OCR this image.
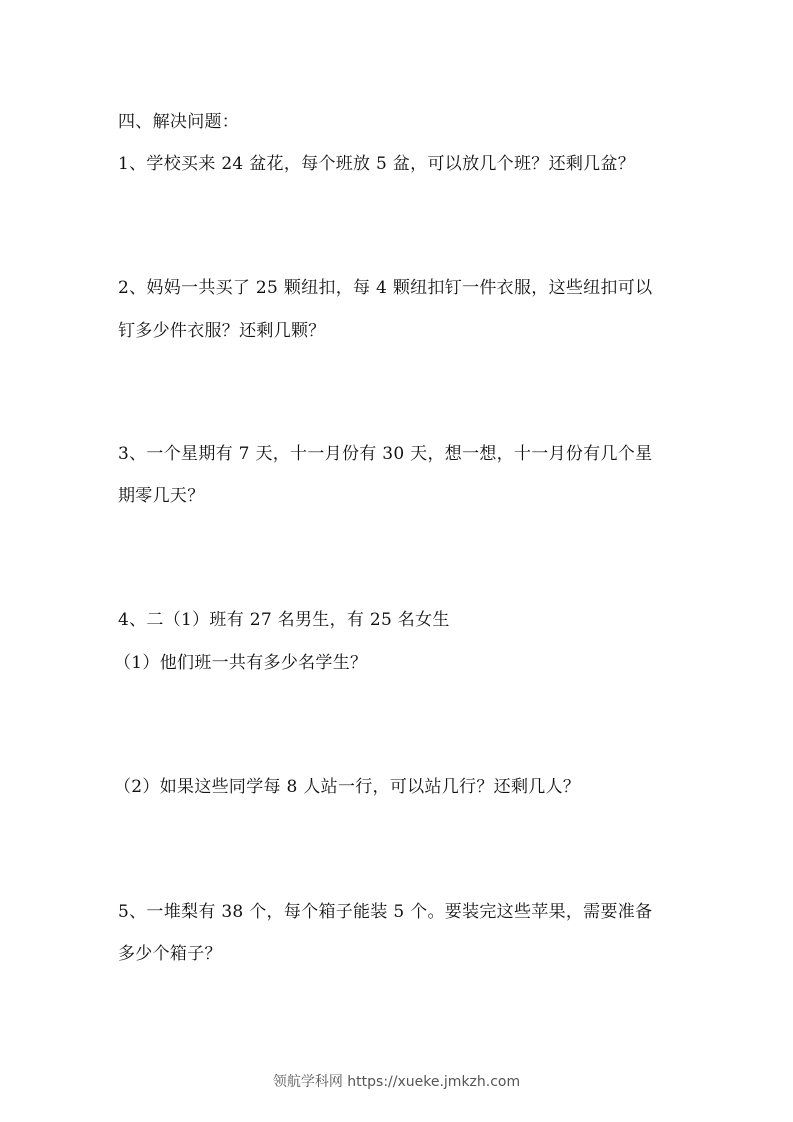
四、解决问题：
1、学校买来 24 盆花，每个班放 5 盆，可以放几个班？还剩几盆？
2、妈妈一共买了 25 颗纽扣，每 4 颗纽扣钉一件衣服，这些纽扣可以
钉多少件衣服？还剩几颗？
3、一个星期有 7 天，十一月份有 30 天，想一想，十一月份有几个星
期零几天？
4、二（1）班有 27 名男生，有 25 名女生
（1）他们班一共有多少名学生？
（2）如果这些同学每 8 人站一行，可以站几行？还剩几人？
5、一堆梨有 38 个，每个箱子能装 5 个。要装完这些苹果，需要准备
多少个箱子？
领航学科网 https://xueke.jmkzh.com
